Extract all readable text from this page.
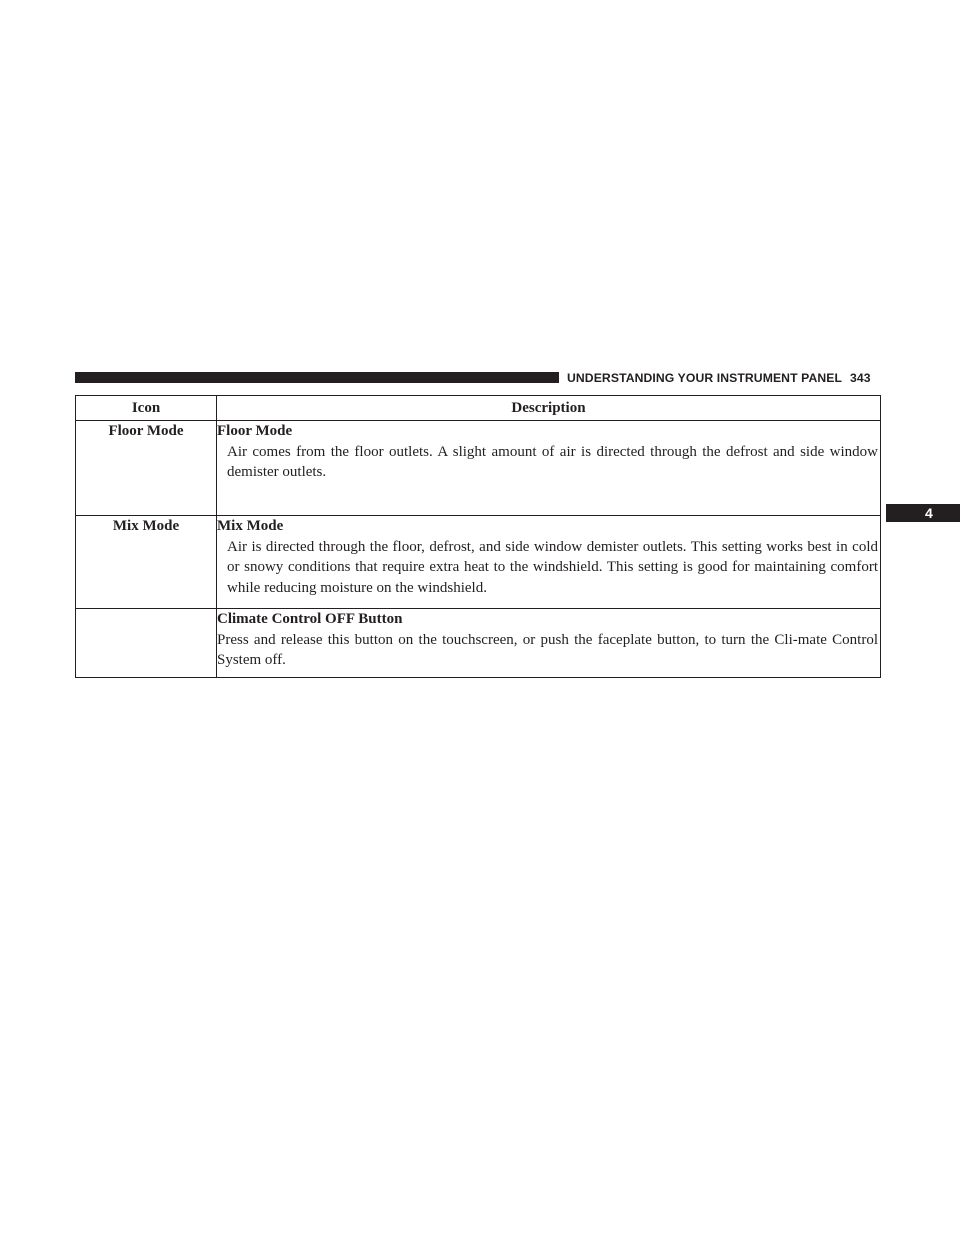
UNDERSTANDING YOUR INSTRUMENT PANEL 343
4
Icon	Description
Floor Mode	Floor Mode
Air comes from the floor outlets. A slight amount of air is directed through the defrost and side window demister outlets.

Mix Mode	Mix Mode
Air is directed through the floor, defrost, and side window demister outlets. This setting works best in cold or snowy conditions that require extra heat to the windshield. This setting is good for maintaining comfort while reducing moisture on the windshield.

	Climate Control OFF Button
Press and release this button on the touchscreen, or push the faceplate button, to turn the Cli-mate Control System off.
